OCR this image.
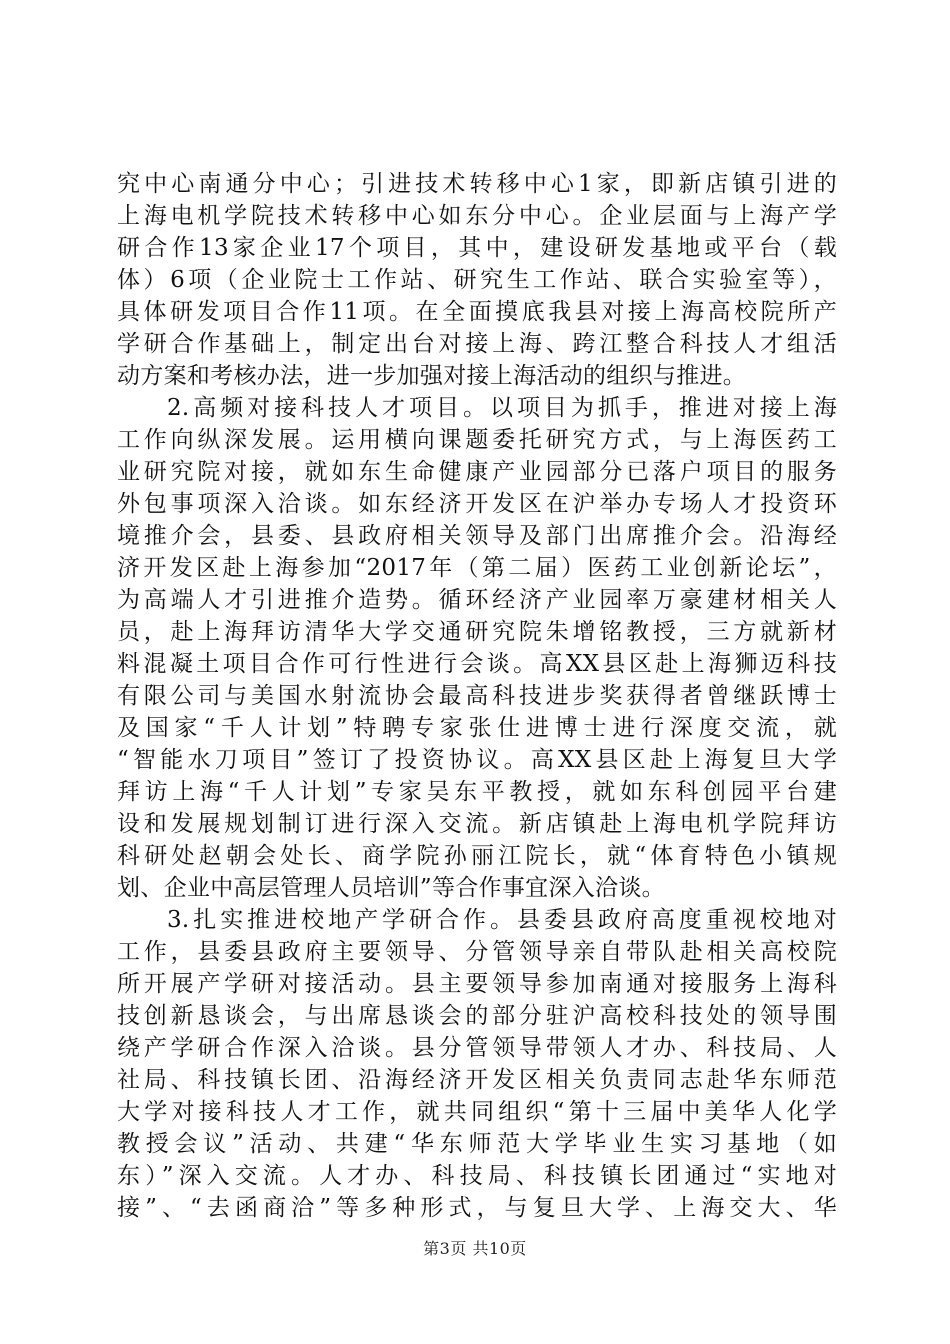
究中心南通分中心；引进技术转移中心1家，即新店镇引进的
上海电机学院技术转移中心如东分中心。企业层面与上海产学
研合作13家企业17个项目，其中，建设研发基地或平台（载
体）6项（企业院士工作站、研究生工作站、联合实验室等），
具体研发项目合作11项。在全面摸底我县对接上海高校院所产
学研合作基础上，制定出台对接上海、跨江整合科技人才组活
动方案和考核办法，进一步加强对接上海活动的组织与推进。
2.高频对接科技人才项目。以项目为抓手，推进对接上海
工作向纵深发展。运用横向课题委托研究方式，与上海医药工
业研究院对接，就如东生命健康产业园部分已落户项目的服务
外包事项深入洽谈。如东经济开发区在沪举办专场人才投资环
境推介会，县委、县政府相关领导及部门出席推介会。沿海经
济开发区赴上海参加“2017年（第二届）医药工业创新论坛”，
为高端人才引进推介造势。循环经济产业园率万豪建材相关人
员，赴上海拜访清华大学交通研究院朱增铭教授，三方就新材
料混凝土项目合作可行性进行会谈。高XX县区赴上海狮迈科技
有限公司与美国水射流协会最高科技进步奖获得者曾继跃博士
及国家“千人计划”特聘专家张仕进博士进行深度交流，就
“智能水刀项目”签订了投资协议。高XX县区赴上海复旦大学
拜访上海“千人计划”专家吴东平教授，就如东科创园平台建
设和发展规划制订进行深入交流。新店镇赴上海电机学院拜访
科研处赵朝会处长、商学院孙丽江院长，就“体育特色小镇规
划、企业中高层管理人员培训”等合作事宜深入洽谈。
3.扎实推进校地产学研合作。县委县政府高度重视校地对
工作，县委县政府主要领导、分管领导亲自带队赴相关高校院
所开展产学研对接活动。县主要领导参加南通对接服务上海科
技创新恳谈会，与出席恳谈会的部分驻沪高校科技处的领导围
绕产学研合作深入洽谈。县分管领导带领人才办、科技局、人
社局、科技镇长团、沿海经济开发区相关负责同志赴华东师范
大学对接科技人才工作，就共同组织“第十三届中美华人化学
教授会议”活动、共建“华东师范大学毕业生实习基地（如
东）”深入交流。人才办、科技局、科技镇长团通过“实地对
接”、“去函商洽”等多种形式，与复旦大学、上海交大、华
第3页 共10页
